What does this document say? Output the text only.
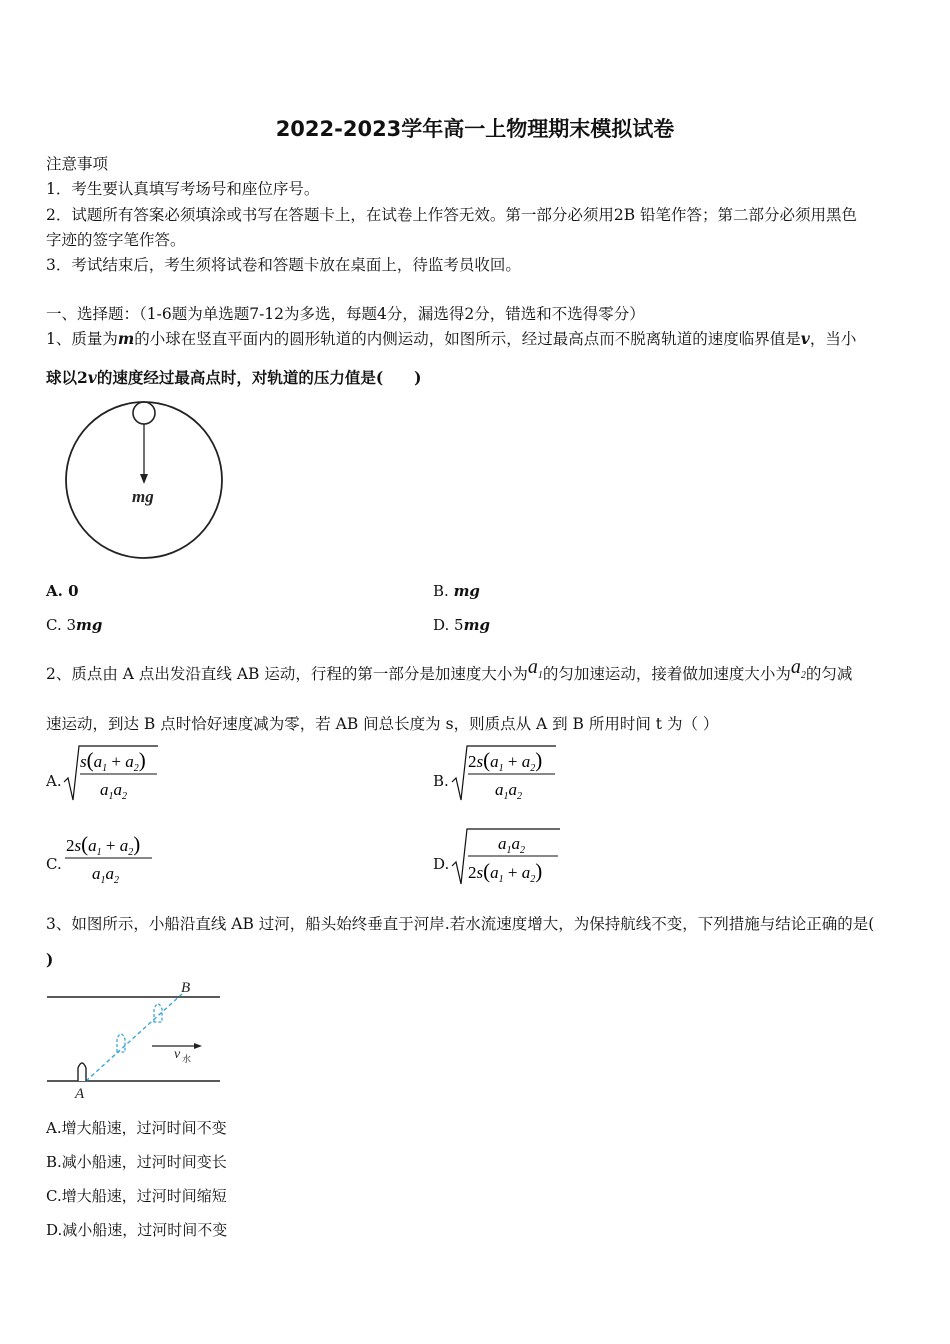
2022-2023学年高一上物理期末模拟试卷
注意事项
1．考生要认真填写考场号和座位序号。
2．试题所有答案必须填涂或书写在答题卡上，在试卷上作答无效。第一部分必须用2B 铅笔作答；第二部分必须用黑色
字迹的签字笔作答。
3．考试结束后，考生须将试卷和答题卡放在桌面上，待监考员收回。
一、选择题：（1-6题为单选题7-12为多选，每题4分，漏选得2分，错选和不选得零分）
1、质量为m的小球在竖直平面内的圆形轨道的内侧运动，如图所示，经过最高点而不脱离轨道的速度临界值是v，当小
球以2v的速度经过最高点时，对轨道的压力值是(　　)
mg
A. 0	B. mg
C. 3mg	D. 5mg
2、质点由 A 点出发沿直线 AB 运动，行程的第一部分是加速度大小为$a_1$的匀加速运动，接着做加速度大小为$a_2$的匀减
速运动，到达 B 点时恰好速度减为零，若 AB 间总长度为 s，则质点从 A 到 B 所用时间 t 为（ ）
A.
$s(a_1 + a_2)$
$a_1a_2$
B.
$2s(a_1 + a_2)$
$a_1a_2$
C.
$2s(a_1 + a_2)$
$a_1a_2$
D.
$a_1a_2$
$2s(a_1 + a_2)$
3、如图所示，小船沿直线 AB 过河，船头始终垂直于河岸.若水流速度增大，为保持航线不变，下列措施与结论正确的是(
)
B
A
v 水
A.增大船速，过河时间不变
B.减小船速，过河时间变长
C.增大船速，过河时间缩短
D.减小船速，过河时间不变
